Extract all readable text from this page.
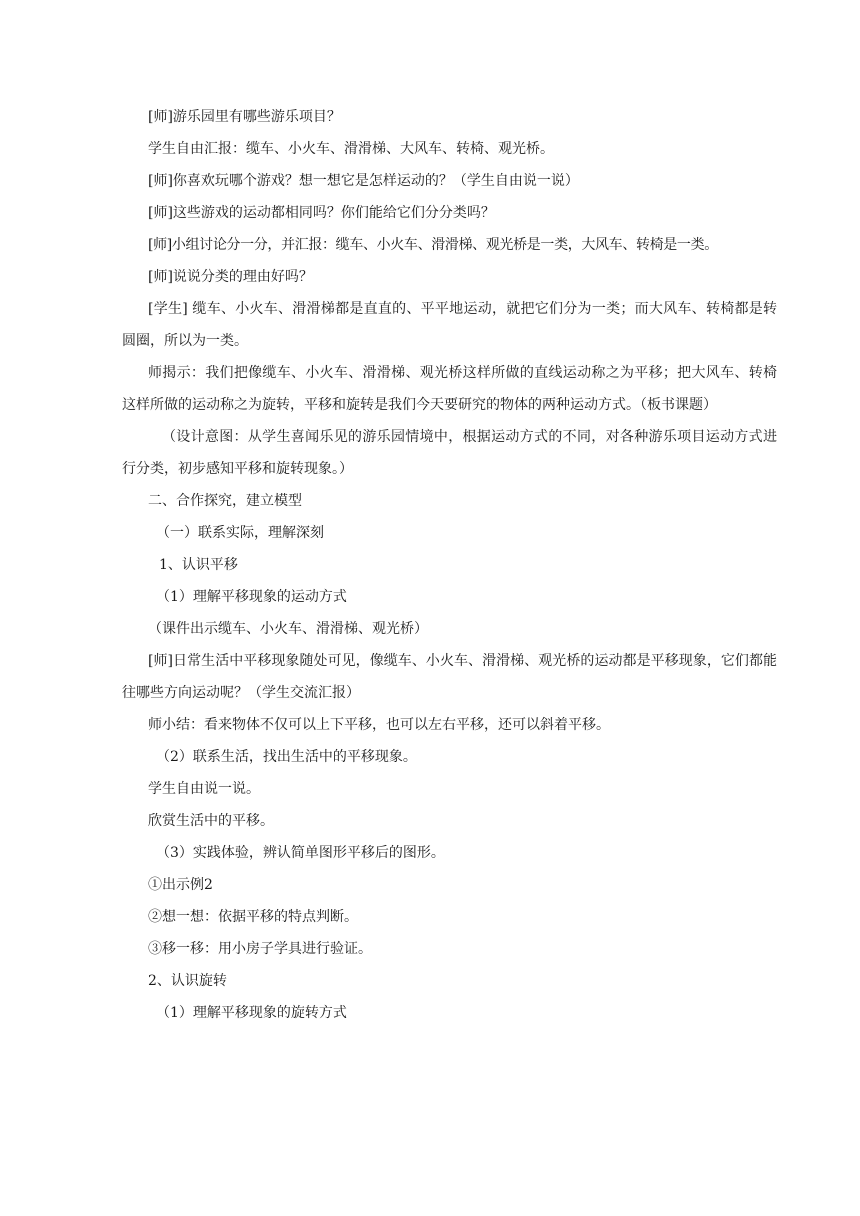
[师]游乐园里有哪些游乐项目？

学生自由汇报：缆车、小火车、滑滑梯、大风车、转椅、观光桥。

[师]你喜欢玩哪个游戏？想一想它是怎样运动的？（学生自由说一说）

[师]这些游戏的运动都相同吗？你们能给它们分分类吗？

[师]小组讨论分一分，并汇报：缆车、小火车、滑滑梯、观光桥是一类，大风车、转椅是一类。

[师]说说分类的理由好吗？

[学生] 缆车、小火车、滑滑梯都是直直的、平平地运动，就把它们分为一类；而大风车、转椅都是转圆圈，所以为一类。

师揭示：我们把像缆车、小火车、滑滑梯、观光桥这样所做的直线运动称之为平移；把大风车、转椅这样所做的运动称之为旋转，平移和旋转是我们今天要研究的物体的两种运动方式。（板书课题）

（设计意图：从学生喜闻乐见的游乐园情境中，根据运动方式的不同，对各种游乐项目运动方式进行分类，初步感知平移和旋转现象。）

二、合作探究，建立模型

（一）联系实际，理解深刻

1、认识平移

（1）理解平移现象的运动方式

（课件出示缆车、小火车、滑滑梯、观光桥）

[师]日常生活中平移现象随处可见，像缆车、小火车、滑滑梯、观光桥的运动都是平移现象，它们都能往哪些方向运动呢？（学生交流汇报）

师小结：看来物体不仅可以上下平移，也可以左右平移，还可以斜着平移。

（2）联系生活，找出生活中的平移现象。

学生自由说一说。

欣赏生活中的平移。

（3）实践体验，辨认简单图形平移后的图形。

①出示例2

②想一想：依据平移的特点判断。

③移一移：用小房子学具进行验证。

2、认识旋转

（1）理解平移现象的旋转方式
